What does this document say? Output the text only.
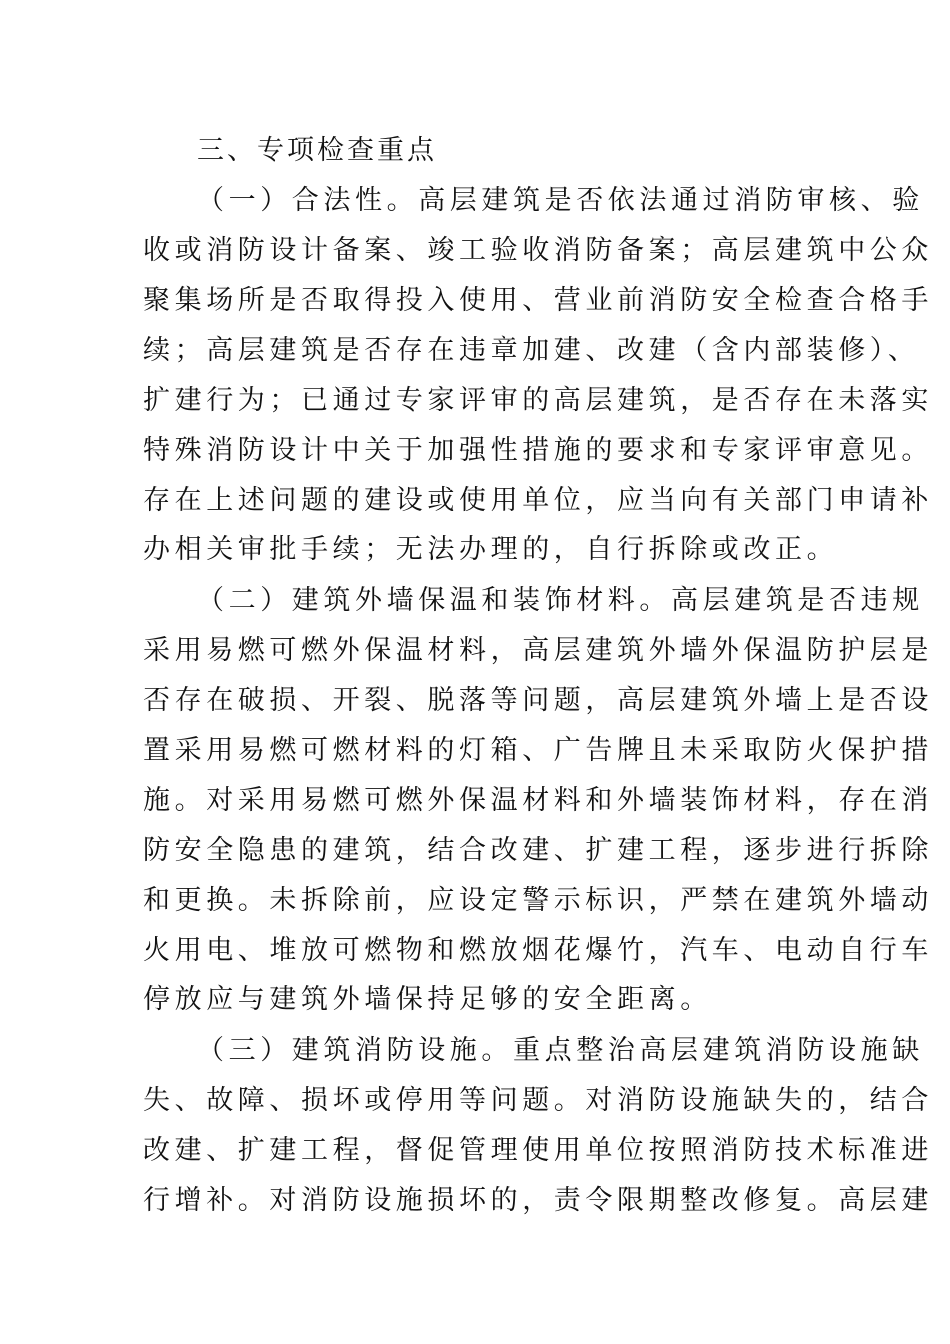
三、专项检查重点
（一）合法性。高层建筑是否依法通过消防审核、验
收或消防设计备案、竣工验收消防备案；高层建筑中公众
聚集场所是否取得投入使用、营业前消防安全检查合格手
续；高层建筑是否存在违章加建、改建（含内部装修）、
扩建行为；已通过专家评审的高层建筑，是否存在未落实
特殊消防设计中关于加强性措施的要求和专家评审意见。
存在上述问题的建设或使用单位，应当向有关部门申请补
办相关审批手续；无法办理的，自行拆除或改正。
（二）建筑外墙保温和装饰材料。高层建筑是否违规
采用易燃可燃外保温材料，高层建筑外墙外保温防护层是
否存在破损、开裂、脱落等问题，高层建筑外墙上是否设
置采用易燃可燃材料的灯箱、广告牌且未采取防火保护措
施。对采用易燃可燃外保温材料和外墙装饰材料，存在消
防安全隐患的建筑，结合改建、扩建工程，逐步进行拆除
和更换。未拆除前，应设定警示标识，严禁在建筑外墙动
火用电、堆放可燃物和燃放烟花爆竹，汽车、电动自行车
停放应与建筑外墙保持足够的安全距离。
（三）建筑消防设施。重点整治高层建筑消防设施缺
失、故障、损坏或停用等问题。对消防设施缺失的，结合
改建、扩建工程，督促管理使用单位按照消防技术标准进
行增补。对消防设施损坏的，责令限期整改修复。高层建
